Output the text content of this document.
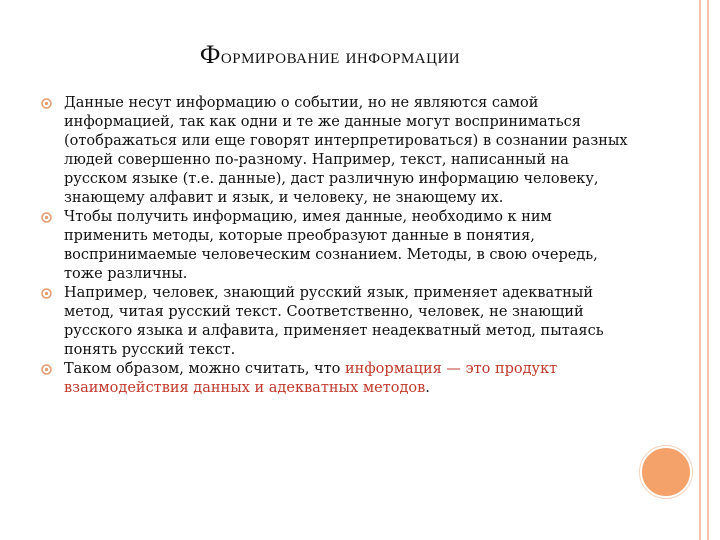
Формирование информации
Данные несут информацию о событии, но не являются самой информацией, так как одни и те же данные могут восприниматься (отображаться или еще говорят интерпретироваться) в сознании разных людей совершенно по-разному. Например, текст, написанный на русском языке (т.е. данные), даст различную информацию человеку, знающему алфавит и язык, и человеку, не знающему их.
Чтобы получить информацию, имея данные, необходимо к ним применить методы, которые преобразуют данные в понятия, воспринимаемые человеческим сознанием. Методы, в свою очередь, тоже различны.
Например, человек, знающий русский язык, применяет адекватный метод, читая русский текст. Соответственно, человек, не знающий русского языка и алфавита, применяет неадекватный метод, пытаясь понять русский текст.
Таком образом, можно считать, что информация — это продукт взаимодействия данных и адекватных методов.
